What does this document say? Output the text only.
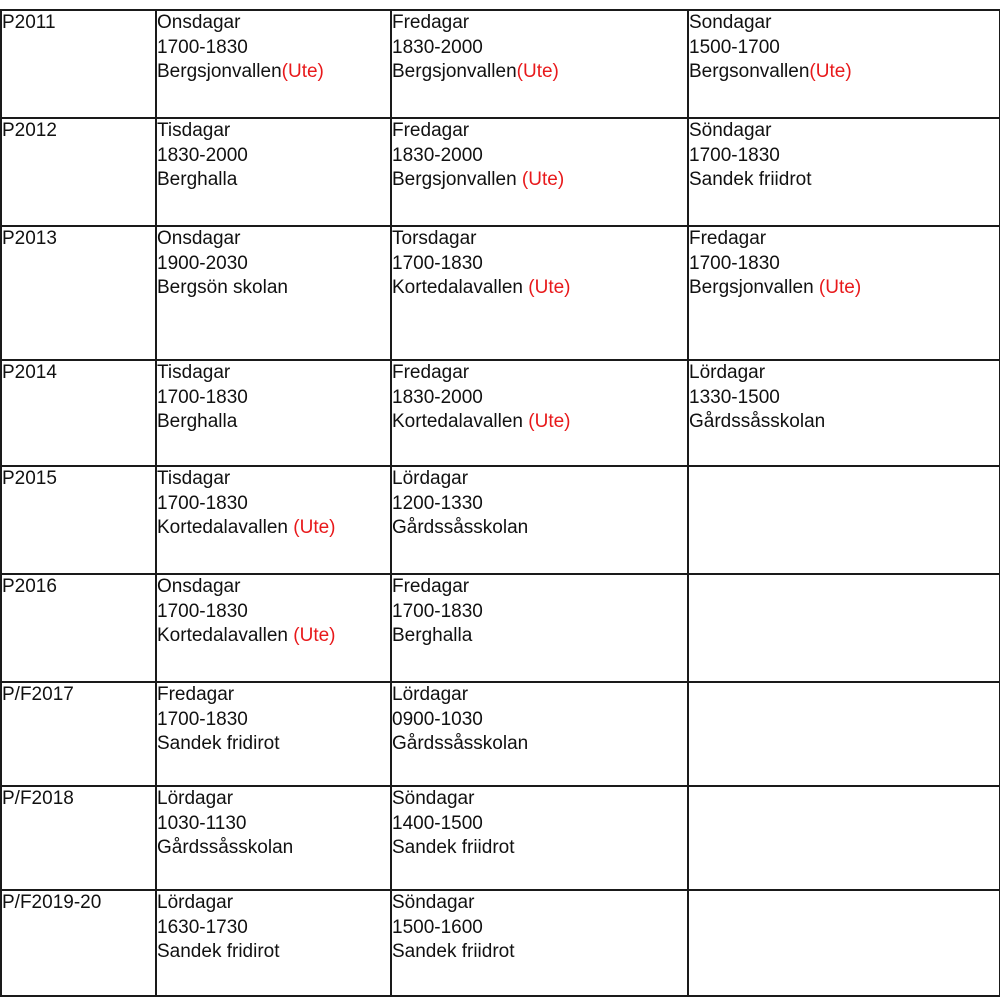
P2011	Onsdagar
1700-1830
Bergsjonvallen(Ute)	Fredagar
1830-2000
Bergsjonvallen(Ute)	Sondagar
1500-1700
Bergsonvallen(Ute)

P2012	Tisdagar
1830-2000
Berghalla	Fredagar
1830-2000
Bergsjonvallen (Ute)	Söndagar
1700-1830
Sandek friidrot

P2013	Onsdagar
1900-2030
Bergsön skolan	Torsdagar
1700-1830
Kortedalavallen (Ute)	Fredagar
1700-1830
Bergsjonvallen (Ute)

P2014	Tisdagar
1700-1830
Berghalla	Fredagar
1830-2000
Kortedalavallen (Ute)	Lördagar
1330-1500
Gårdssåsskolan

P2015	Tisdagar
1700-1830
Kortedalavallen (Ute)	Lördagar
1200-1330
Gårdssåsskolan	

P2016	Onsdagar
1700-1830
Kortedalavallen (Ute)	Fredagar
1700-1830
Berghalla	

P/F2017	Fredagar
1700-1830
Sandek fridirot	Lördagar
0900-1030
Gårdssåsskolan	

P/F2018	Lördagar
1030-1130
Gårdssåsskolan	Söndagar
1400-1500
Sandek friidrot	

P/F2019-20	Lördagar
1630-1730
Sandek fridirot	Söndagar
1500-1600
Sandek friidrot	
